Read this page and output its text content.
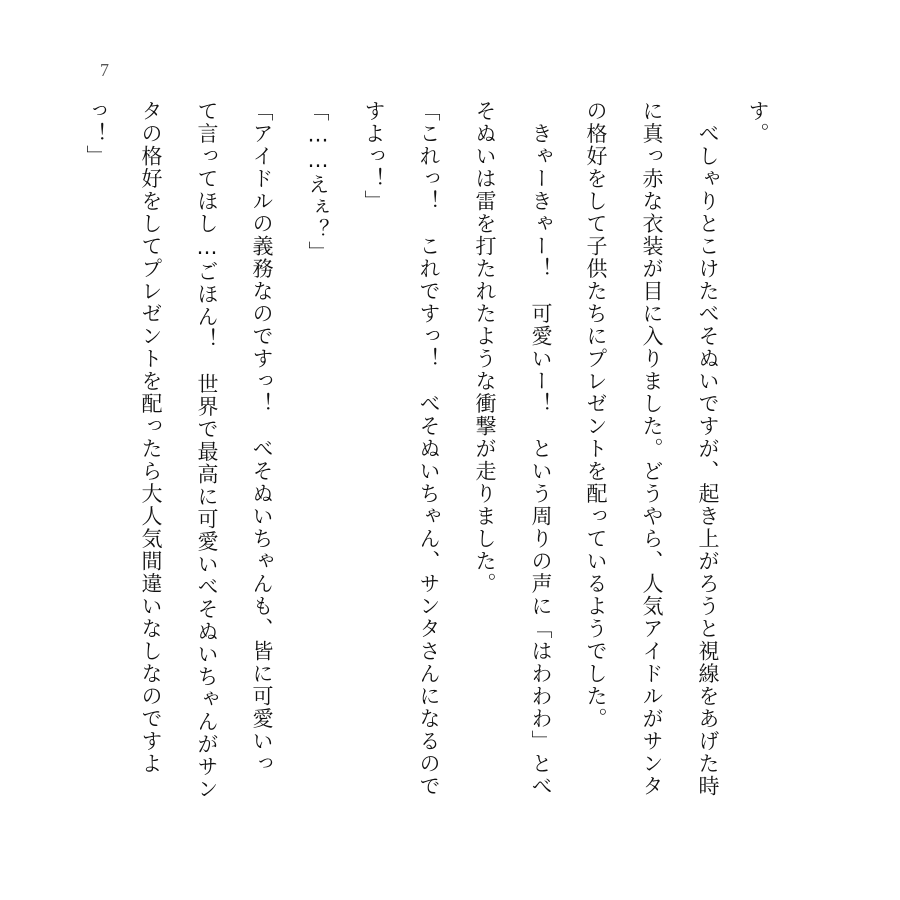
7
す。
　べしゃりとこけたべそぬいですが、起き上がろうと視線をあげた時
に真っ赤な衣装が目に入りました。どうやら、人気アイドルがサンタ
の格好をして子供たちにプレゼントを配っているようでした。
　きゃーきゃー！　可愛いー！　という周りの声に「はわわわ」とべ
そぬいは雷を打たれたような衝撃が走りました。
「これっ！　これですっ！　べそぬいちゃん、サンタさんになるので
すよっ！」
「……えぇ？」
「アイドルの義務なのですっ！　べそぬいちゃんも、皆に可愛いっ
て言ってほし…ごほん！　世界で最高に可愛いべそぬいちゃんがサン
タの格好をしてプレゼントを配ったら大人気間違いなしなのですよ
っ！」
